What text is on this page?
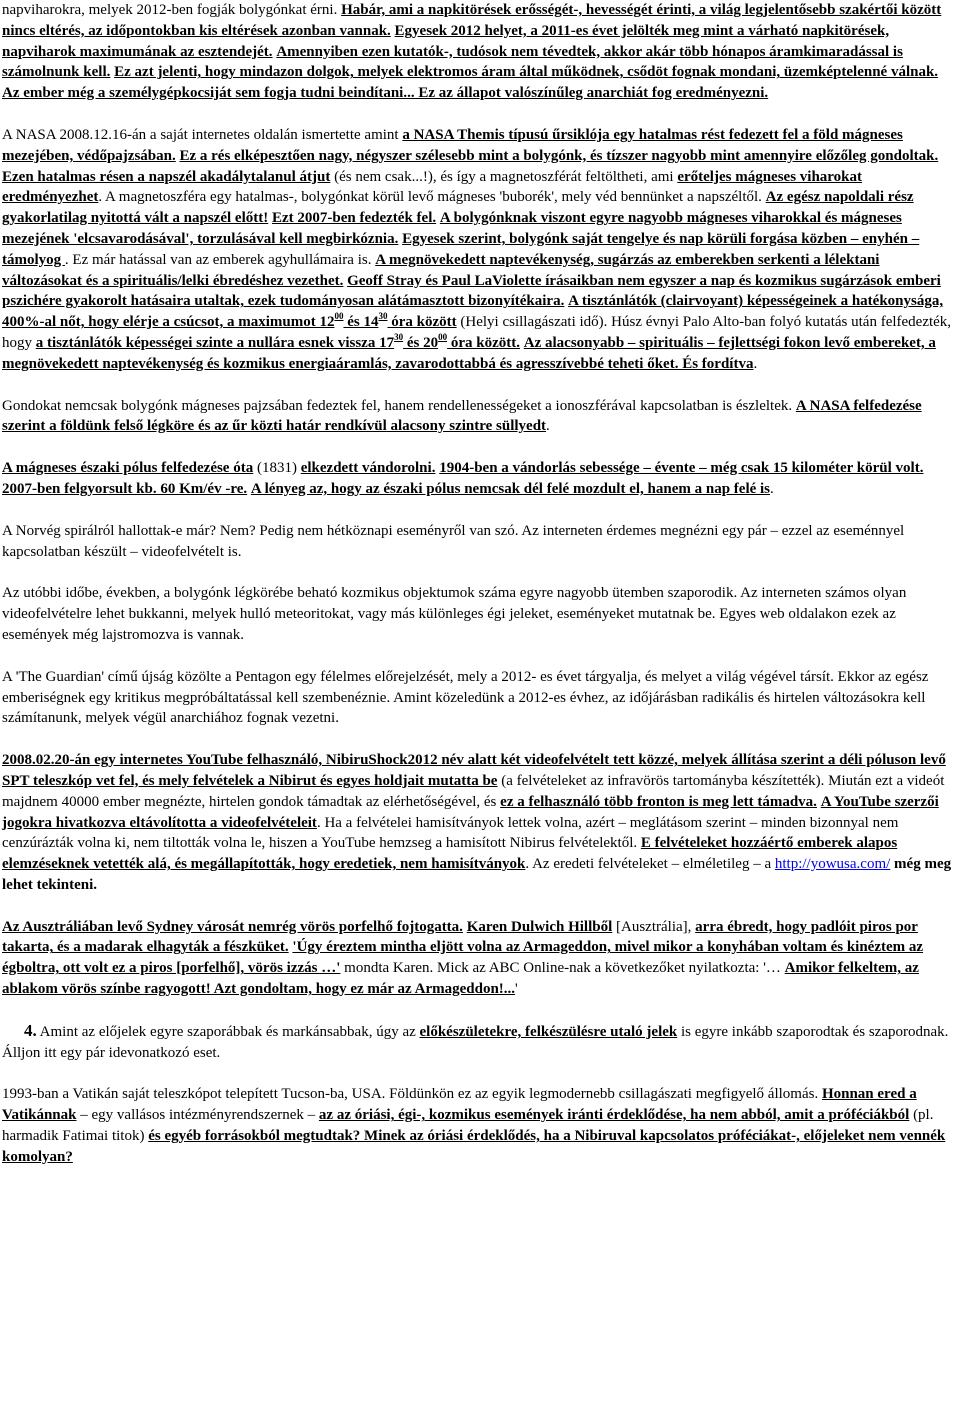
napviharokra, melyek 2012-ben fogják bolygónkat érni. Habár, ami a napkitörések erősségét-, hevességét érinti, a világ legjelentősebb szakértői között nincs eltérés, az időpontokban kis eltérések azonban vannak. Egyesek 2012 helyet, a 2011-es évet jelölték meg mint a várható napkitörések, napviharok maximumának az esztendejét. Amennyiben ezen kutatók-, tudósok nem tévedtek, akkor akár több hónapos áramkimaradással is számolnunk kell. Ez azt jelenti, hogy mindazon dolgok, melyek elektromos áram által működnek, csődöt fognak mondani, üzemképtelenné válnak. Az ember még a személygépkocsiját sem fogja tudni beindítani... Ez az állapot valószínűleg anarchiát fog eredményezni.

A NASA 2008.12.16-án a saját internetes oldalán ismertette amint a NASA Themis típusú űrsiklója egy hatalmas rést fedezett fel a föld mágneses mezejében, védőpajzsában. Ez a rés elképesztően nagy, négyszer szélesebb mint a bolygónk, és tízszer nagyobb mint amennyire előzőleg gondoltak. Ezen hatalmas résen a napszél akadálytalanul átjut (és nem csak...!), és így a magnetoszférát feltöltheti, ami erőteljes mágneses viharokat eredményezhet. A magnetoszféra egy hatalmas-, bolygónkat körül levő mágneses 'buborék', mely véd bennünket a napszéltől. Az egész napoldali rész gyakorlatilag nyitottá vált a napszél előtt! Ezt 2007-ben fedezték fel. A bolygónknak viszont egyre nagyobb mágneses viharokkal és mágneses mezejének 'elcsavarodásával', torzulásával kell megbirkóznia. Egyesek szerint, bolygónk saját tengelye és nap körüli forgása közben – enyhén – támolyog . Ez már hatással van az emberek agyhullámaira is. A megnövekedett naptevékenység, sugárzás az emberekben serkenti a lélektani változásokat és a spirituális/lelki ébredéshez vezethet. Geoff Stray és Paul LaViolette írásaikban nem egyszer a nap és kozmikus sugárzások emberi pszichére gyakorolt hatásaira utaltak, ezek tudományosan alátámasztott bizonyítékaira. A tisztánlátók (clairvoyant) képességeinek a hatékonysága, 400%-al nőt, hogy elérje a csúcsot, a maximumot $12^{00}$ és $14^{30}$ óra között (Helyi csillagászati idő). Húsz évnyi Palo Alto-ban folyó kutatás után felfedezték, hogy a tisztánlátók képességei szinte a nullára esnek vissza $17^{30}$ és $20^{00}$ óra között. Az alacsonyabb – spirituális – fejlettségi fokon levő embereket, a megnövekedett naptevékenység és kozmikus energiaáramlás, zavarodottabbá és agresszívebbé teheti őket. És fordítva.

Gondokat nemcsak bolygónk mágneses pajzsában fedeztek fel, hanem rendellenességeket a ionoszférával kapcsolatban is észleltek. A NASA felfedezése szerint a földünk felső légköre és az űr közti határ rendkívül alacsony szintre süllyedt.

A mágneses északi pólus felfedezése óta (1831) elkezdett vándorolni. 1904-ben a vándorlás sebessége – évente – még csak 15 kilométer körül volt. 2007-ben felgyorsult kb. 60 Km/év -re. A lényeg az, hogy az északi pólus nemcsak dél felé mozdult el, hanem a nap felé is.

A Norvég spirálról hallottak-e már? Nem? Pedig nem hétköznapi eseményről van szó. Az interneten érdemes megnézni egy pár – ezzel az eseménnyel kapcsolatban készült – videofelvételt is.

Az utóbbi időbe, években, a bolygónk légkörébe beható kozmikus objektumok száma egyre nagyobb ütemben szaporodik. Az interneten számos olyan videofelvételre lehet bukkanni, melyek hulló meteoritokat, vagy más különleges égi jeleket, eseményeket mutatnak be. Egyes web oldalakon ezek az események még lajstromozva is vannak.

A 'The Guardian' című újság közölte a Pentagon egy félelmes előrejelzését, mely a 2012- es évet tárgyalja, és melyet a világ végével társít. Ekkor az egész emberiségnek egy kritikus megpróbáltatással kell szembenéznie. Amint közeledünk a 2012-es évhez, az időjárásban radikális és hirtelen változásokra kell számítanunk, melyek végül anarchiához fognak vezetni.

2008.02.20-án egy internetes YouTube felhasználó, NibiruShock2012 név alatt két videofelvételt tett közzé, melyek állítása szerint a déli póluson levő SPT teleszkóp vet fel, és mely felvételek a Nibirut és egyes holdjait mutatta be (a felvételeket az infravörös tartományba készítették). Miután ezt a videót majdnem 40000 ember megnézte, hirtelen gondok támadtak az elérhetőségével, és ez a felhasználó több fronton is meg lett támadva. A YouTube szerzői jogokra hivatkozva eltávolította a videofelvételeit. Ha a felvételei hamisítványok lettek volna, azért – meglátásom szerint – minden bizonnyal nem cenzúrázták volna ki, nem tiltották volna le, hiszen a YouTube hemzseg a hamisított Nibirus felvételektől. E felvételeket hozzáértő emberek alapos elemzéseknek vetették alá, és megállapították, hogy eredetiek, nem hamisítványok. Az eredeti felvételeket – elméletileg – a http://yowusa.com/ még meg lehet tekinteni.

Az Ausztráliában levő Sydney városát nemrég vörös porfelhő fojtogatta. Karen Dulwich Hillből [Ausztrália], arra ébredt, hogy padlóit piros por takarta, és a madarak elhagyták a fészküket. 'Úgy éreztem mintha eljött volna az Armageddon, mivel mikor a konyhában voltam és kinéztem az égboltra, ott volt ez a piros [porfelhő], vörös izzás …' mondta Karen. Mick az ABC Online-nak a következőket nyilatkozta: '… Amikor felkeltem, az ablakom vörös színbe ragyogott! Azt gondoltam, hogy ez már az Armageddon!...'

4. Amint az előjelek egyre szaporábbak és markánsabbak, úgy az előkészületekre, felkészülésre utaló jelek is egyre inkább szaporodtak és szaporodnak. Álljon itt egy pár idevonatkozó eset.

1993-ban a Vatikán saját teleszkópot telepített Tucson-ba, USA. Földünkön ez az egyik legmodernebb csillagászati megfigyelő állomás. Honnan ered a Vatikánnak – egy vallásos intézményrendszernek – az az óriási, égi-, kozmikus események iránti érdeklődése, ha nem abból, amit a próféciákból (pl. harmadik Fatimai titok) és egyéb forrásokból megtudtak? Minek az óriási érdeklődés, ha a Nibiruval kapcsolatos próféciákat-, előjeleket nem vennék komolyan?
